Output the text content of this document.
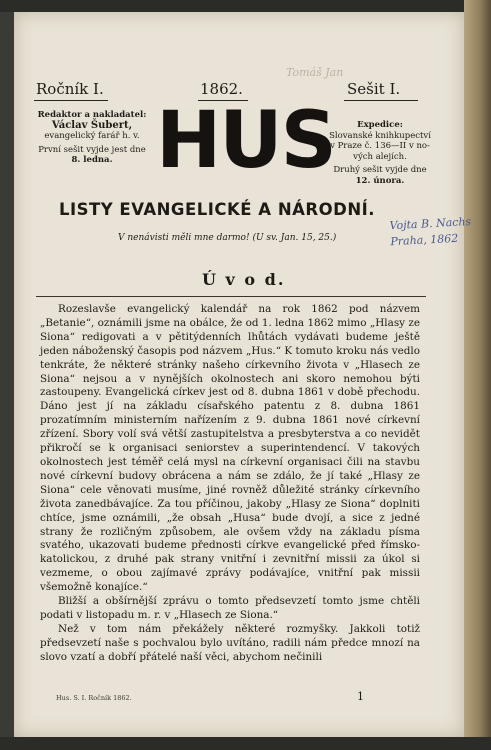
Tomáš Jan
Ročník I.	1862.	Sešit I.
Redaktor a nakladatel:
Václav Šubert,
evangelický farář h. v.
První sešit vyjde jest dne
8. ledna. HUS	Expedice:
Slovanské knihkupectví
v Praze č. 136—II v no-
vých alejích.
Druhý sešit vyjde dne
12. února.
LISTY EVANGELICKÉ A NÁRODNÍ.
V nenávisti měli mne darmo! (U sv. Jan. 15, 25.)
Vojta B. Nachs
Praha, 1862
Ú v o d.

Rozeslavše evangelický kalendář na rok 1862 pod názvem „Betanie“, oznámili jsme na obálce, že od 1. ledna 1862 mimo „Hlasy ze Siona“ redigovati a v pětitýdenních lhůtách vydávati budeme ještě jeden náboženský časopis pod názvem „Hus.“ K tomuto kroku nás vedlo tenkráte, že některé stránky našeho církevního života v „Hlasech ze Siona“ nejsou a v nynějších okolnostech ani skoro nemohou býti zastoupeny. Evangelická církev jest od 8. dubna 1861 v době přechodu. Dáno jest jí na základu císařského patentu z 8. dubna 1861 prozatímním ministerním nařízením z 9. dubna 1861 nové církevní zřízení. Sbory volí svá větší zastupitelstva a presbyterstva a co nevidět přikročí se k organisaci seniorstev a superintendencí. V takových okolnostech jest téměř celá mysl na církevní organisaci čili na stavbu nové církevní budovy obrácena a nám se zdálo, že jí také „Hlasy ze Siona“ cele věnovati musíme, jiné rovněž důležité stránky církevního života zanedbávajíce. Za tou příčinou, jakoby „Hlasy ze Siona“ doplniti chtíce, jsme oznámili, „že obsah „Husa“ bude dvojí, a sice z jedné strany že rozličným způsobem, ale ovšem vždy na základu písma svatého, ukazovati budeme přednosti církve evangelické před římsko-katolickou, z druhé pak strany vnitřní i zevnitřní missii za úkol si vezmeme, o obou zajímavé zprávy podávajíce, vnitřní pak missii všemožně konajíce.“

Bližší a obšírnější zprávu o tomto předsevzetí tomto jsme chtěli podati v listopadu m. r. v „Hlasech ze Siona.“

Než v tom nám překážely některé rozmyšky. Jakkoli totiž předsevzetí naše s pochvalou bylo uvítáno, radili nám předce mnozí na slovo vzatí a dobří přátelé naší věci, abychom nečinili

Hus. S. I. Ročník 1862.	1
